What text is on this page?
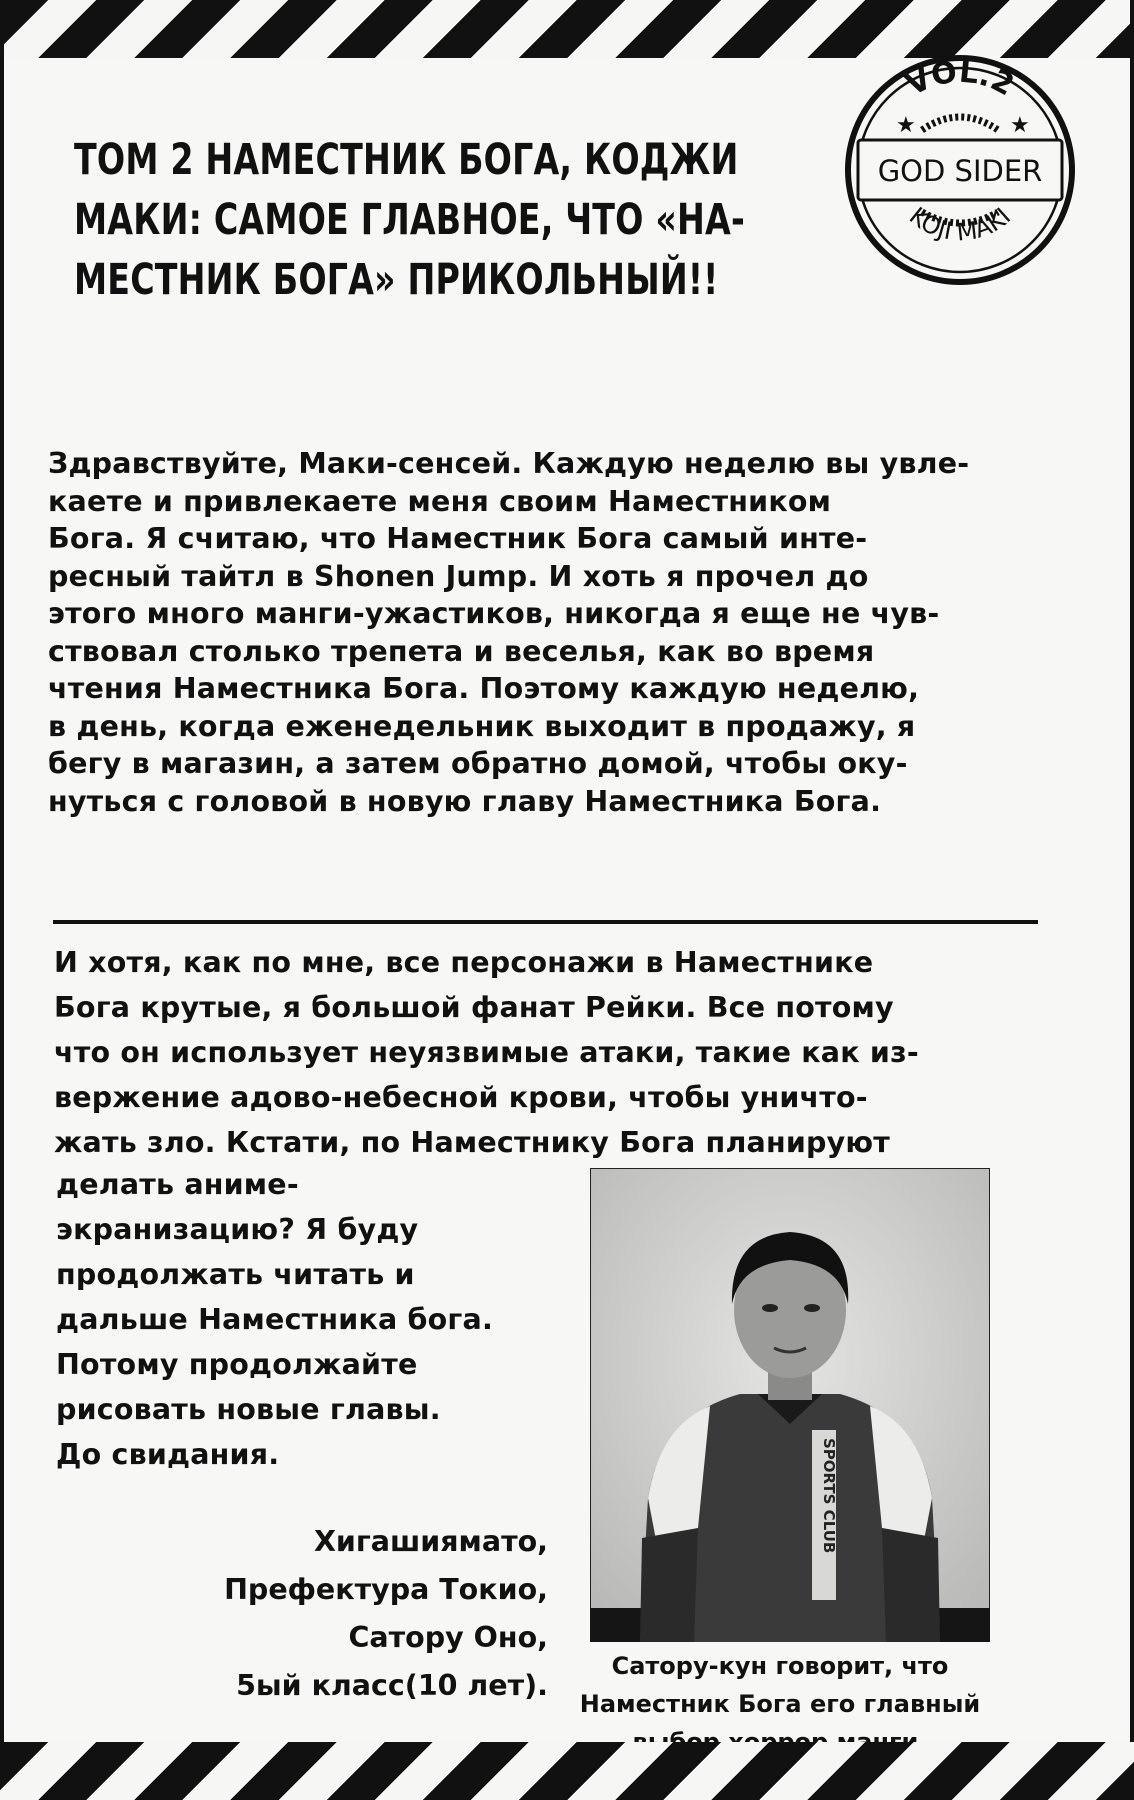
ТОМ 2 НАМЕСТНИК БОГА, КОДЖИ
МАКИ: САМОЕ ГЛАВНОЕ, ЧТО «НА-
МЕСТНИК БОГА» ПРИКОЛЬНЫЙ!!
VOL.2
GOD SIDER
KOJI MAKI
★	★
Здравствуйте, Маки-сенсей. Каждую неделю вы увле-
каете и привлекаете меня своим Наместником
Бога. Я считаю, что Наместник Бога самый инте-
ресный тайтл в Shonen Jump. И хоть я прочел до
этого много манги-ужастиков, никогда я еще не чув-
ствовал столько трепета и веселья, как во время
чтения Наместника Бога. Поэтому каждую неделю,
в день, когда еженедельник выходит в продажу, я
бегу в магазин, а затем обратно домой, чтобы оку-
нуться с головой в новую главу Наместника Бога.
И хотя, как по мне, все персонажи в Наместнике
Бога крутые, я большой фанат Рейки. Все потому
что он использует неуязвимые атаки, такие как из-
вержение адово-небесной крови, чтобы уничто-
жать зло. Кстати, по Наместнику Бога планируют
делать аниме-
экранизацию? Я буду
продолжать читать и
дальше Наместника бога.
Потому продолжайте
рисовать новые главы.
До свидания.
Хигашиямато,
Префектура Токио,
Сатору Оно,
5ый класс(10 лет).
SPORTS CLUB
Сатору-кун говорит, что
Наместник Бога его главный
